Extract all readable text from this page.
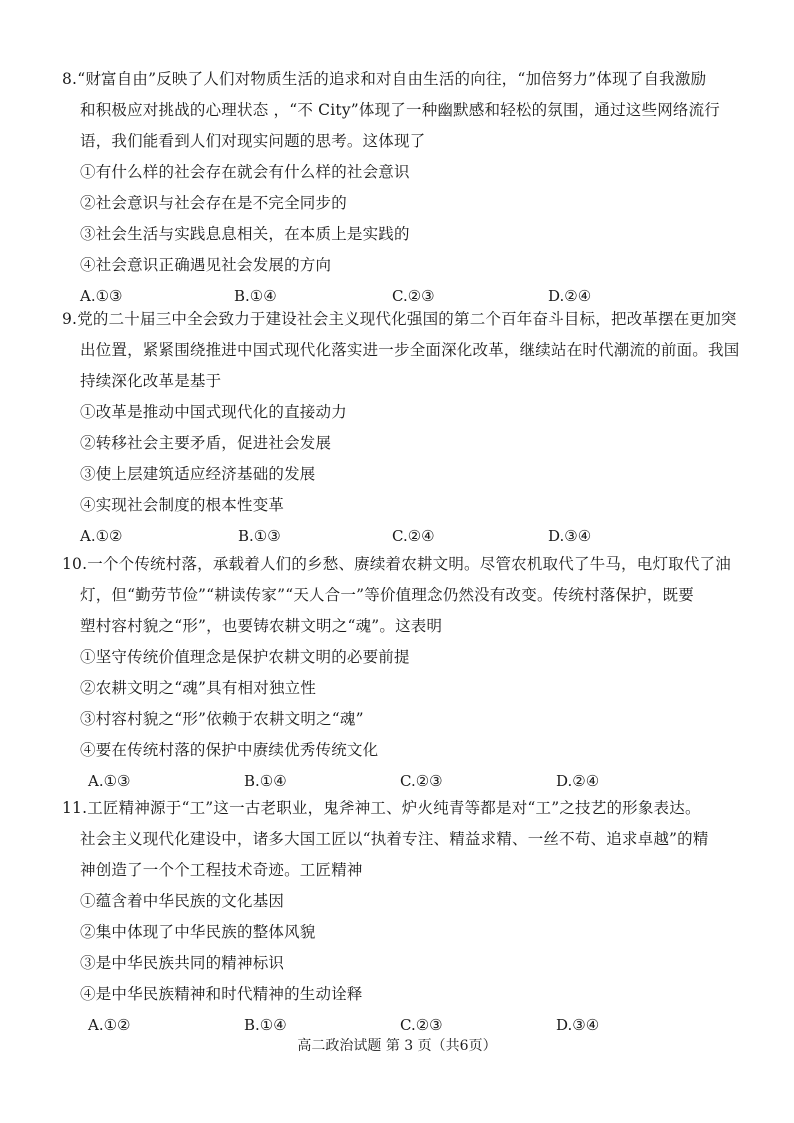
8.“财富自由”反映了人们对物质生活的追求和对自由生活的向往，“加倍努力”体现了自我激励
和积极应对挑战的心理状态 ，“不 City”体现了一种幽默感和轻松的氛围，通过这些网络流行
语，我们能看到人们对现实问题的思考。这体现了
①有什么样的社会存在就会有什么样的社会意识
②社会意识与社会存在是不完全同步的
③社会生活与实践息息相关，在本质上是实践的
④社会意识正确遇见社会发展的方向
A.①③	B.①④	C.②③	D.②④
9.党的二十届三中全会致力于建设社会主义现代化强国的第二个百年奋斗目标，把改革摆在更加突
出位置，紧紧围绕推进中国式现代化落实进一步全面深化改革，继续站在时代潮流的前面。我国
持续深化改革是基于
①改革是推动中国式现代化的直接动力
②转移社会主要矛盾，促进社会发展
③使上层建筑适应经济基础的发展
④实现社会制度的根本性变革
A.①②	B.①③	C.②④	D.③④
10.一个个传统村落，承载着人们的乡愁、赓续着农耕文明。尽管农机取代了牛马，电灯取代了油
灯，但“勤劳节俭”“耕读传家”“天人合一”等价值理念仍然没有改变。传统村落保护，既要
塑村容村貌之“形”，也要铸农耕文明之“魂”。这表明
①坚守传统价值理念是保护农耕文明的必要前提
②农耕文明之“魂”具有相对独立性
③村容村貌之“形”依赖于农耕文明之“魂”
④要在传统村落的保护中赓续优秀传统文化
A.①③	B.①④	C.②③	D.②④
11.工匠精神源于“工”这一古老职业，鬼斧神工、炉火纯青等都是对“工”之技艺的形象表达。
社会主义现代化建设中，诸多大国工匠以“执着专注、精益求精、一丝不苟、追求卓越”的精
神创造了一个个工程技术奇迹。工匠精神
①蕴含着中华民族的文化基因
②集中体现了中华民族的整体风貌
③是中华民族共同的精神标识
④是中华民族精神和时代精神的生动诠释
A.①②	B.①④	C.②③	D.③④
高二政治试题 第 3 页（共6页）
